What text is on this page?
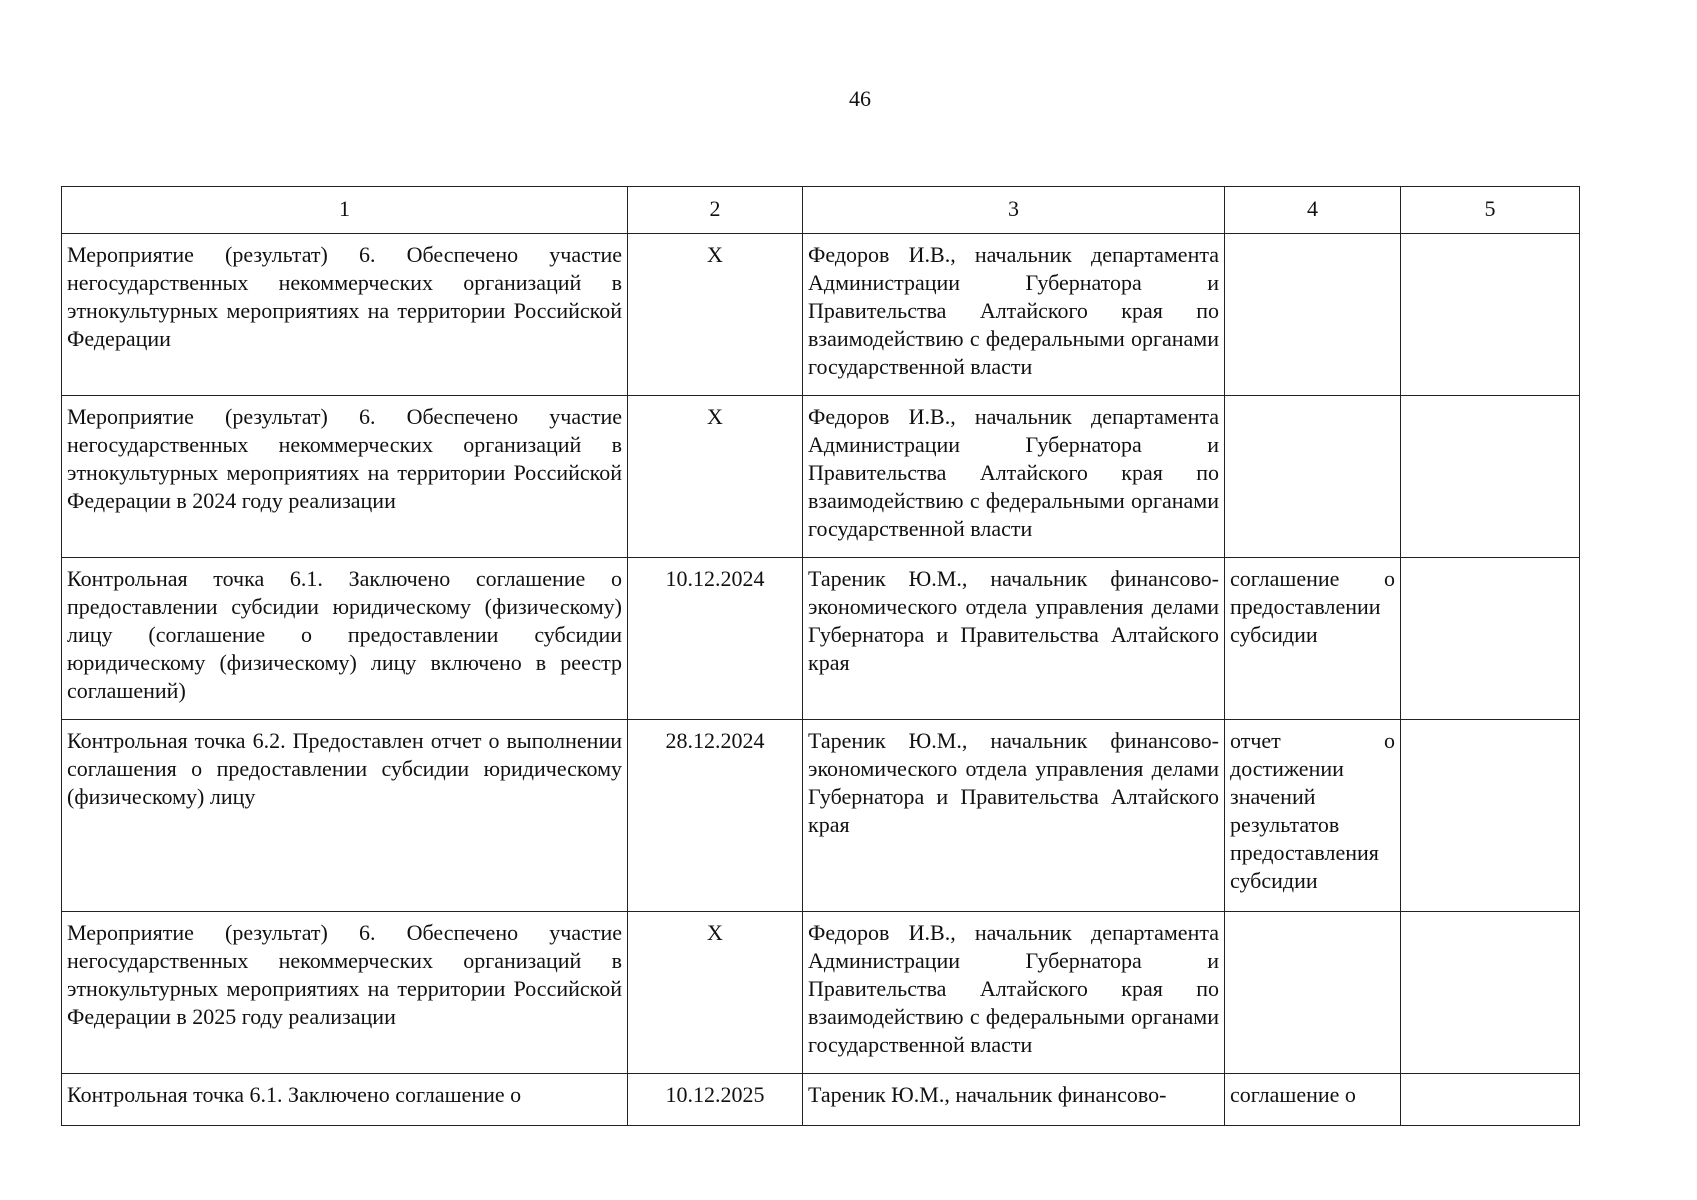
46
1	2	3	4	5
Мероприятие (результат) 6. Обеспечено участие негосударственных некоммерческих организаций в этнокультурных мероприятиях на территории Российской Федерации	Х	Федоров И.В., начальник департамента Администрации Губернатора и Правительства Алтайского края по взаимодействию с федеральными органами государственной власти		
Мероприятие (результат) 6. Обеспечено участие негосударственных некоммерческих организаций в этнокультурных мероприятиях на территории Российской Федерации в 2024 году реализации	Х	Федоров И.В., начальник департамента Администрации Губернатора и Правительства Алтайского края по взаимодействию с федеральными органами государственной власти		
Контрольная точка 6.1. Заключено соглашение о предоставлении субсидии юридическому (физическому) лицу (соглашение о предоставлении субсидии юридическому (физическому) лицу включено в реестр соглашений)	10.12.2024	Тареник Ю.М., начальник финансово-экономического отдела управления делами Губернатора и Правительства Алтайского края	соглашение о предоставлении субсидии	
Контрольная точка 6.2. Предоставлен отчет о выполнении соглашения о предоставлении субсидии юридическому (физическому) лицу	28.12.2024	Тареник Ю.М., начальник финансово-экономического отдела управления делами Губернатора и Правительства Алтайского края	отчет о достижении значений результатов предоставления субсидии	
Мероприятие (результат) 6. Обеспечено участие негосударственных некоммерческих организаций в этнокультурных мероприятиях на территории Российской Федерации в 2025 году реализации	Х	Федоров И.В., начальник департамента Администрации Губернатора и Правительства Алтайского края по взаимодействию с федеральными органами государственной власти		
Контрольная точка 6.1. Заключено соглашение о	10.12.2025	Тареник Ю.М., начальник финансово-	соглашение о	
